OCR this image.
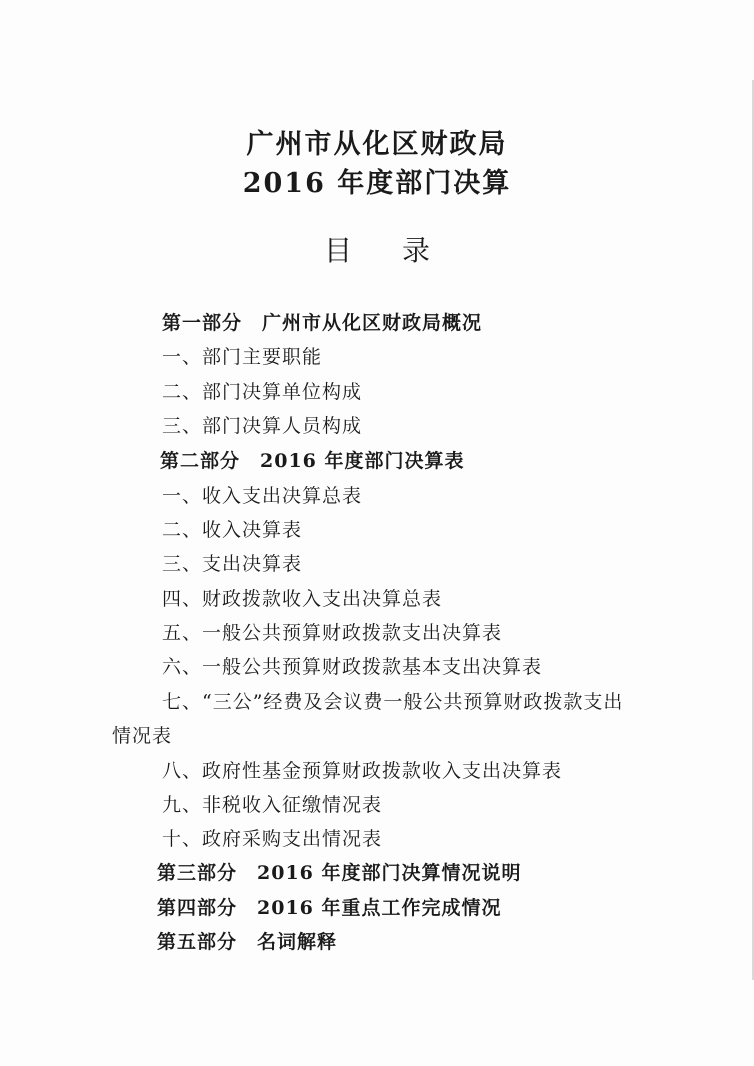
广州市从化区财政局
2016 年度部门决算
目录
第一部分 广州市从化区财政局概况
一、部门主要职能
二、部门决算单位构成
三、部门决算人员构成
第二部分 2016 年度部门决算表
一、收入支出决算总表
二、收入决算表
三、支出决算表
四、财政拨款收入支出决算总表
五、一般公共预算财政拨款支出决算表
六、一般公共预算财政拨款基本支出决算表
七、“三公”经费及会议费一般公共预算财政拨款支出
情况表
八、政府性基金预算财政拨款收入支出决算表
九、非税收入征缴情况表
十、政府采购支出情况表
第三部分 2016 年度部门决算情况说明
第四部分 2016 年重点工作完成情况
第五部分 名词解释
